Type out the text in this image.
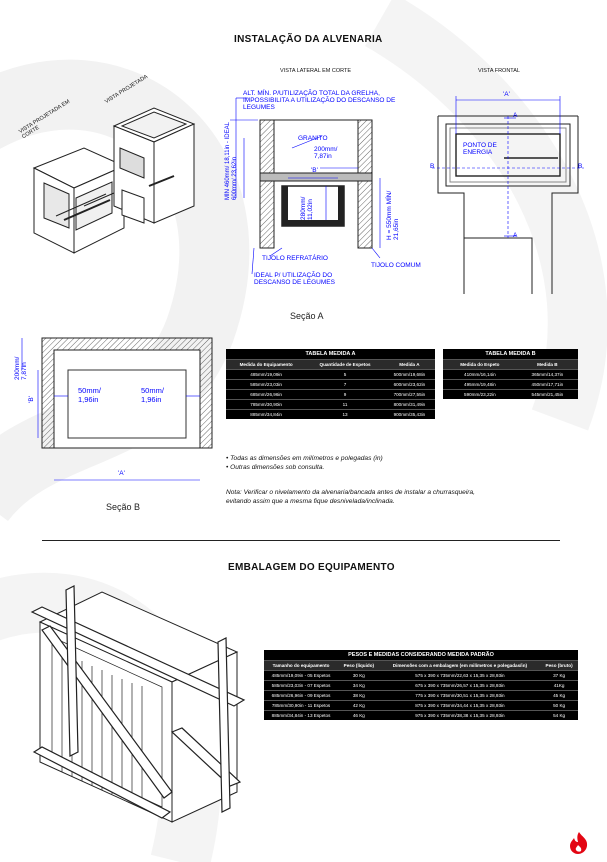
INSTALAÇÃO DA ALVENARIA
VISTA PROJETADA EM CORTE
VISTA PROJETADA
VISTA LATERAL EM CORTE
ALT. MÍN. P/UTILIZAÇÃO TOTAL DA GRELHA, IMPOSSIBILITA A UTILIZAÇÃO DO DESCANSO DE LEGUMES
GRANITO
200mm/ 7,87in
'B'
280mm/ 11,02in
MÍN 460mm/ 18,11in - IDEAL 600mm/ 23,62in
H = 550mm MÍN/ 21,65in
TIJOLO REFRATÁRIO
TIJOLO COMUM
IDEAL P/ UTILIZAÇÃO DO DESCANSO DE LEGUMES
Seção A
VISTA FRONTAL
'A'
PONTO DE ENERGIA
A
A
B	B
200mm/ 7,87in
'B'
50mm/ 1,96in
50mm/ 1,96in
'A'
Seção B
TABELA MEDIDA A		
Medida do Equipamento	Quantidade de Espetos	Medida A
485mm/19,09in	5	500mm/19,68in
585mm/23,03in	7	600mm/23,62in
685mm/26,96in	9	700mm/27,55in
785mm/30,90in	11	800mm/31,49in
885mm/34,84in	13	900mm/35,43in
TABELA MEDIDA B	
Medida do Espeto	Medida B
410mm/16,14in	365mm/14,37in
495mm/19,48in	450mm/17,71in
590mm/23,22in	545mm/21,45in
• Todas as dimensões em milímetros e polegadas (in)
• Outras dimensões sob consulta.
Nota: Verificar o nivelamento da alvenaria/bancada antes de instalar a churrasqueira,
evitando assim que a mesma fique desnivelada/inclinada.
EMBALAGEM DO EQUIPAMENTO
PESOS E MEDIDAS CONSIDERANDO MEDIDA PADRÃO			
Tamanho do equipamento	Peso (líquido)	Dimensões com a embalagem (em milímetros e polegadas/in)	Peso (bruto)
485mm/19,09in - 05 Espetos	30 Kg	575 x 390 x 735mm/22,63 x 15,35 x 28,93in	37 Kg
585mm/23,03in - 07 Espetos	34 Kg	675 x 390 x 735mm/26,57 x 15,35 x 28,93in	41Kg
685mm/26,96in - 09 Espetos	38 Kg	775 x 390 x 735mm/30,51 x 15,35 x 28,93in	45 Kg
785mm/30,90in - 11 Espetos	42 Kg	875 x 390 x 735mm/34,44 x 15,35 x 28,93in	50 Kg
885mm/34,84in - 13 Espetos	46 Kg	975 x 390 x 735mm/38,38 x 15,35 x 28,93in	54 Kg
